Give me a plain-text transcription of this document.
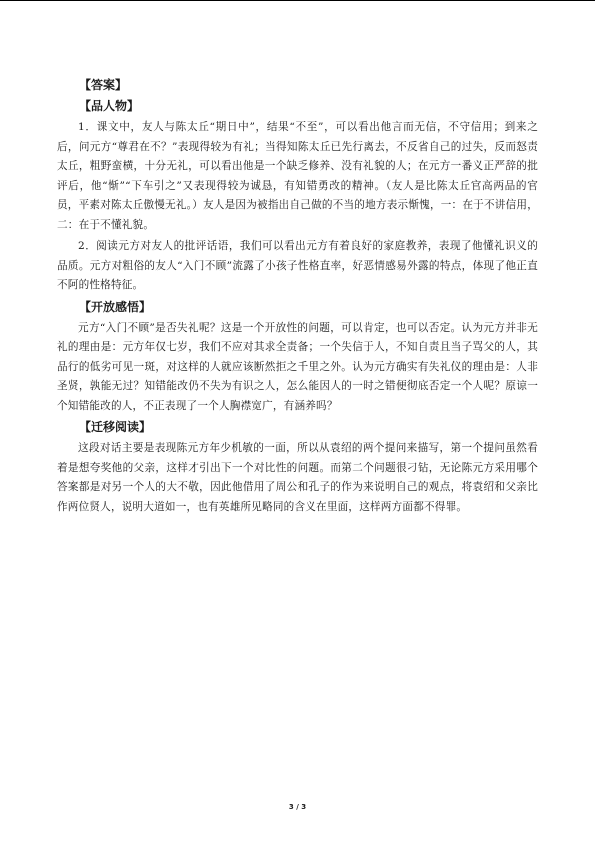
【答案】
【品人物】
1．课文中，友人与陈太丘“期日中”，结果“不至”，可以看出他言而无信，不守信用；到来之后，问元方“尊君在不？”表现得较为有礼；当得知陈太丘已先行离去，不反省自己的过失，反而怒责太丘，粗野蛮横，十分无礼，可以看出他是一个缺乏修养、没有礼貌的人；在元方一番义正严辞的批评后，他“惭”“下车引之”又表现得较为诚恳，有知错勇改的精神。（友人是比陈太丘官高两品的官员，平素对陈太丘傲慢无礼。）友人是因为被指出自己做的不当的地方表示惭愧，一：在于不讲信用，二：在于不懂礼貌。
2．阅读元方对友人的批评话语，我们可以看出元方有着良好的家庭教养，表现了他懂礼识义的品质。元方对粗俗的友人“入门不顾”流露了小孩子性格直率，好恶情感易外露的特点，体现了他正直不阿的性格特征。
【开放感悟】
元方“入门不顾”是否失礼呢？这是一个开放性的问题，可以肯定，也可以否定。认为元方并非无礼的理由是：元方年仅七岁，我们不应对其求全责备；一个失信于人，不知自责且当子骂父的人，其品行的低劣可见一斑，对这样的人就应该断然拒之千里之外。认为元方确实有失礼仪的理由是：人非圣贤，孰能无过？知错能改仍不失为有识之人，怎么能因人的一时之错便彻底否定一个人呢？原谅一个知错能改的人，不正表现了一个人胸襟宽广，有涵养吗？
【迁移阅读】
这段对话主要是表现陈元方年少机敏的一面，所以从袁绍的两个提问来描写，第一个提问虽然看着是想夸奖他的父亲，这样才引出下一个对比性的问题。而第二个问题很刁钻，无论陈元方采用哪个答案都是对另一个人的大不敬，因此他借用了周公和孔子的作为来说明自己的观点，将袁绍和父亲比作两位贤人，说明大道如一，也有英雄所见略同的含义在里面，这样两方面都不得罪。
3 / 3
